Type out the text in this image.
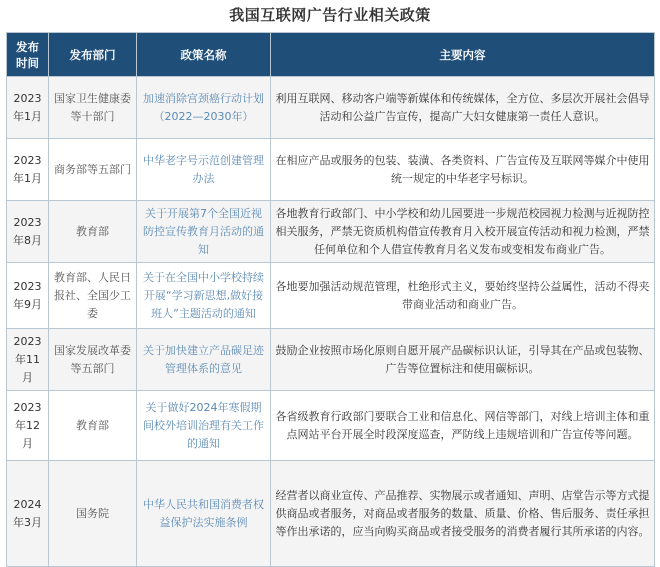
我国互联网广告行业相关政策
发布时间	发布部门	政策名称	主要内容
2023年1月	国家卫生健康委等十部门	加速消除宫颈癌行动计划（2022—2030年）	利用互联网、移动客户端等新媒体和传统媒体，全方位、多层次开展社会倡导活动和公益广告宣传，提高广大妇女健康第一责任人意识。
2023年1月	商务部等五部门	中华老字号示范创建管理办法	在相应产品或服务的包装、装潢、各类资料、广告宣传及互联网等媒介中使用统一规定的中华老字号标识。
2023年8月	教育部	关于开展第7个全国近视防控宣传教育月活动的通知	各地教育行政部门、中小学校和幼儿园要进一步规范校园视力检测与近视防控相关服务，严禁无资质机构借宣传教育月入校开展宣传活动和视力检测，严禁任何单位和个人借宣传教育月名义发布或变相发布商业广告。
2023年9月	教育部、人民日报社、全国少工委	关于在全国中小学校持续开展“学习新思想,做好接班人”主题活动的通知	各地要加强活动规范管理，杜绝形式主义，要始终坚持公益属性，活动不得夹带商业活动和商业广告。
2023年11月	国家发展改革委等五部门	关于加快建立产品碳足迹管理体系的意见	鼓励企业按照市场化原则自愿开展产品碳标识认证，引导其在产品或包装物、广告等位置标注和使用碳标识。
2023年12月	教育部	关于做好2024年寒假期间校外培训治理有关工作的通知	各省级教育行政部门要联合工业和信息化、网信等部门，对线上培训主体和重点网站平台开展全时段深度巡查，严防线上违规培训和广告宣传等问题。
2024年3月	国务院	中华人民共和国消费者权益保护法实施条例	经营者以商业宣传、产品推荐、实物展示或者通知、声明、店堂告示等方式提供商品或者服务，对商品或者服务的数量、质量、价格、售后服务、责任承担等作出承诺的，应当向购买商品或者接受服务的消费者履行其所承诺的内容。
